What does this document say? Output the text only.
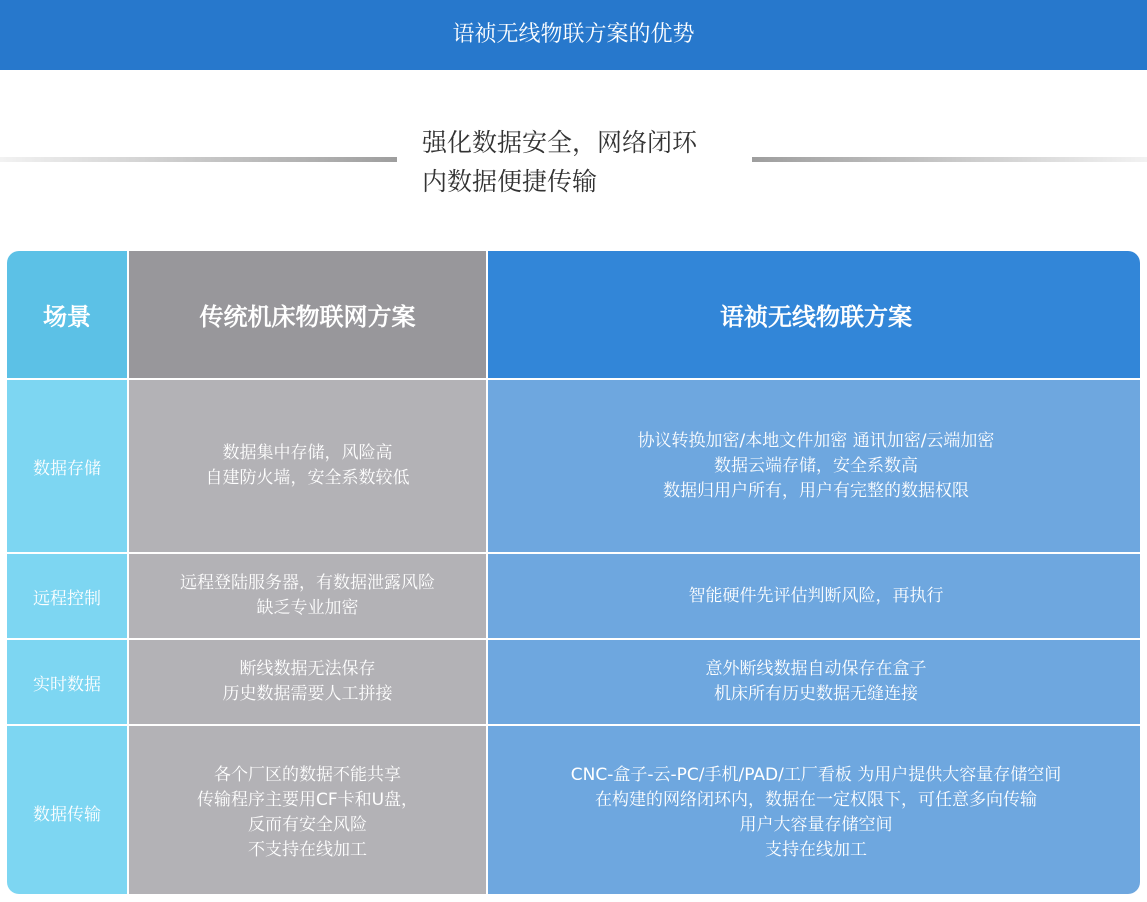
语祯无线物联方案的优势
强化数据安全，网络闭环
内数据便捷传输
场景	传统机床物联网方案	语祯无线物联方案
数据存储
数据集中存储，风险高
自建防火墙，安全系数较低
协议转换加密/本地文件加密 通讯加密/云端加密
数据云端存储，安全系数高
数据归用户所有，用户有完整的数据权限
远程控制
远程登陆服务器，有数据泄露风险
缺乏专业加密
智能硬件先评估判断风险，再执行
实时数据
断线数据无法保存
历史数据需要人工拼接
意外断线数据自动保存在盒子
机床所有历史数据无缝连接
数据传输
各个厂区的数据不能共享
传输程序主要用CF卡和U盘，
反而有安全风险
不支持在线加工
CNC-盒子-云-PC/手机/PAD/工厂看板 为用户提供大容量存储空间
在构建的网络闭环内，数据在一定权限下，可任意多向传输
用户大容量存储空间
支持在线加工
